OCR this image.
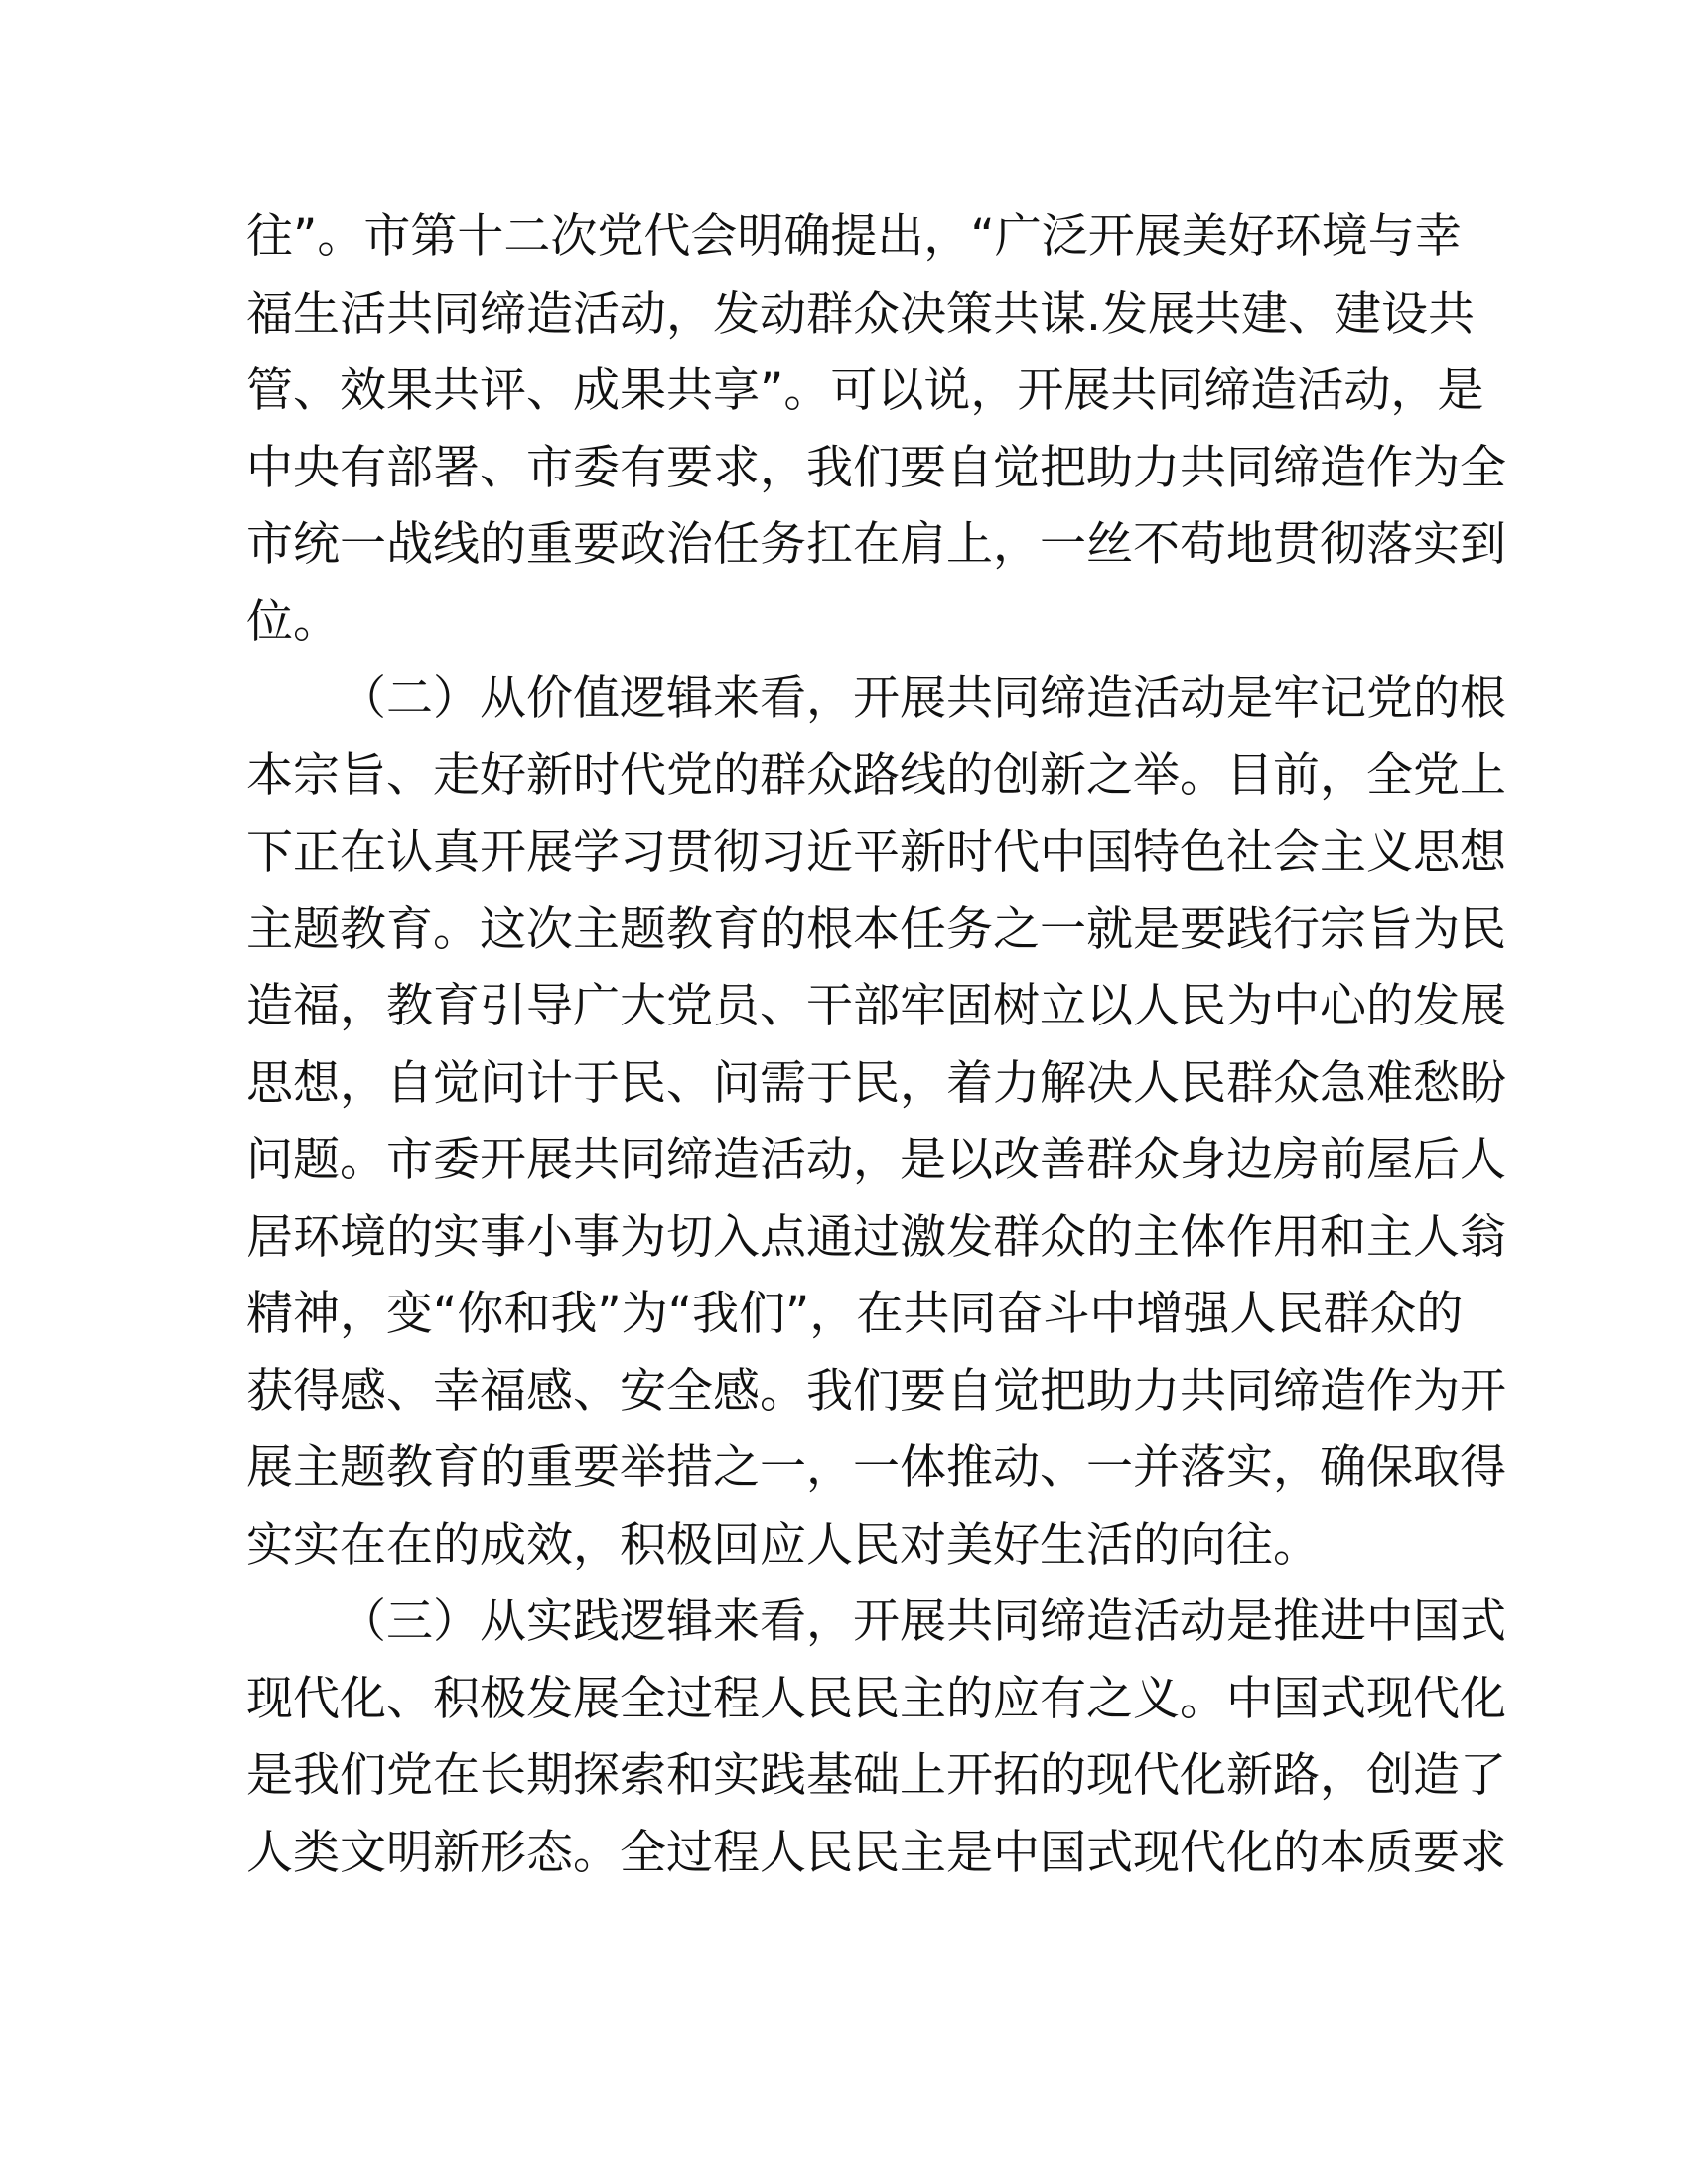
往”。市第十二次党代会明确提出，“广泛开展美好环境与幸
福生活共同缔造活动，发动群众决策共谋.发展共建、建设共
管、效果共评、成果共享”。可以说，开展共同缔造活动，是
中央有部署、市委有要求，我们要自觉把助力共同缔造作为全
市统一战线的重要政治任务扛在肩上，一丝不苟地贯彻落实到
位。
（二）从价值逻辑来看，开展共同缔造活动是牢记党的根
本宗旨、走好新时代党的群众路线的创新之举。目前，全党上
下正在认真开展学习贯彻习近平新时代中国特色社会主义思想
主题教育。这次主题教育的根本任务之一就是要践行宗旨为民
造福，教育引导广大党员、干部牢固树立以人民为中心的发展
思想，自觉问计于民、问需于民，着力解决人民群众急难愁盼
问题。市委开展共同缔造活动，是以改善群众身边房前屋后人
居环境的实事小事为切入点通过激发群众的主体作用和主人翁
精神，变“你和我”为“我们”，在共同奋斗中增强人民群众的
获得感、幸福感、安全感。我们要自觉把助力共同缔造作为开
展主题教育的重要举措之一，一体推动、一并落实，确保取得
实实在在的成效，积极回应人民对美好生活的向往。
（三）从实践逻辑来看，开展共同缔造活动是推进中国式
现代化、积极发展全过程人民民主的应有之义。中国式现代化
是我们党在长期探索和实践基础上开拓的现代化新路，创造了
人类文明新形态。全过程人民民主是中国式现代化的本质要求
